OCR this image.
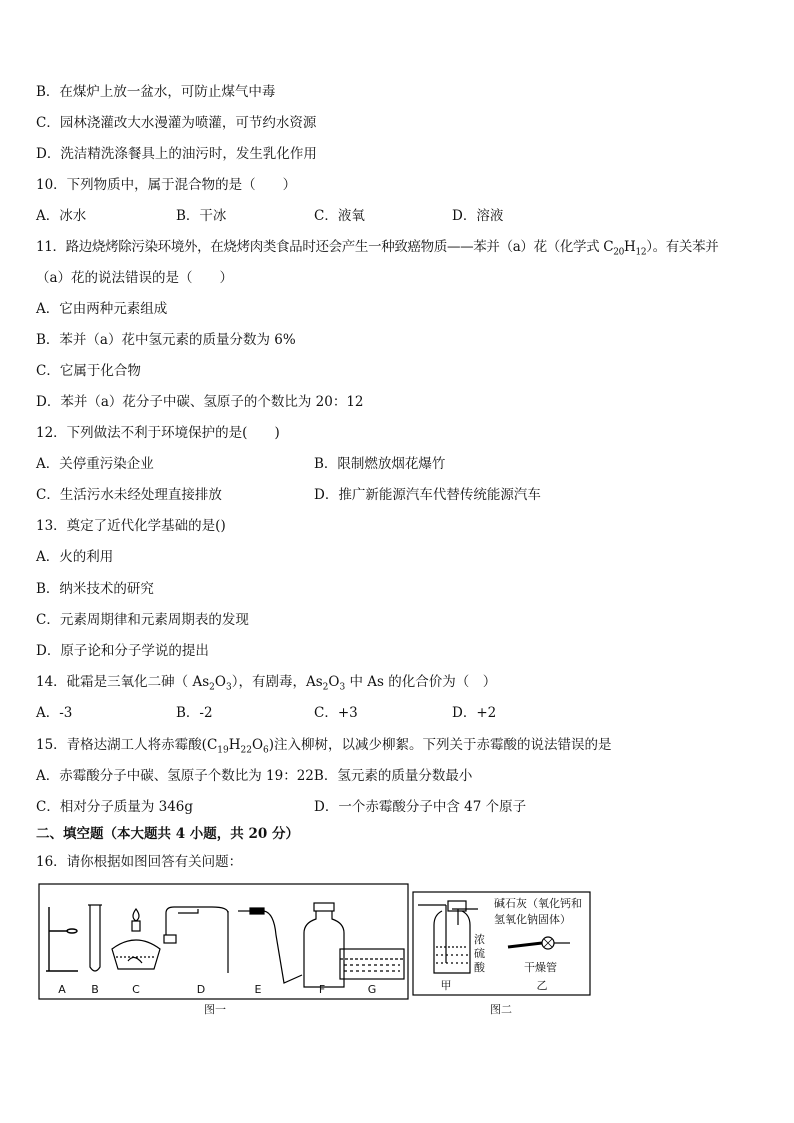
B．在煤炉上放一盆水，可防止煤气中毒
C．园林浇灌改大水漫灌为喷灌，可节约水资源
D．洗洁精洗涤餐具上的油污时，发生乳化作用
10．下列物质中，属于混合物的是（　　）
A．冰水	B．干冰	C．液氧	D．溶液
11．路边烧烤除污染环境外，在烧烤肉类食品时还会产生一种致癌物质——苯并（a）花（化学式 $C_{20}H_{12}$）。有关苯并
（a）花的说法错误的是（　　）
A．它由两种元素组成
B．苯并（a）花中氢元素的质量分数为 6%
C．它属于化合物
D．苯并（a）花分子中碳、氢原子的个数比为 20：12
12．下列做法不利于环境保护的是(　　)
A．关停重污染企业	B．限制燃放烟花爆竹
C．生活污水未经处理直接排放	D．推广新能源汽车代替传统能源汽车
13．奠定了近代化学基础的是()
A．火的利用
B．纳米技术的研究
C．元素周期律和元素周期表的发现
D．原子论和分子学说的提出
14．砒霜是三氧化二砷（ $As_2O_3$），有剧毒，$As_2O_3$ 中 As 的化合价为（　）
A．-3	B．-2	C．+3	D．+2
15．青格达湖工人将赤霉酸$(C_{19}H_{22}O_6)$注入柳树，以减少柳絮。下列关于赤霉酸的说法错误的是
A．赤霉酸分子中碳、氢原子个数比为 19：22B．氢元素的质量分数最小
C．相对分子质量为 346g	D．一个赤霉酸分子中含 47 个原子
二、填空题（本大题共 4 小题，共 20 分）
16．请你根据如图回答有关问题：
A B	C	D	E	F	G
图一
浓
硫
酸
碱石灰（氧化钙和
氢氧化钠固体）
干燥管
甲	乙
图二
